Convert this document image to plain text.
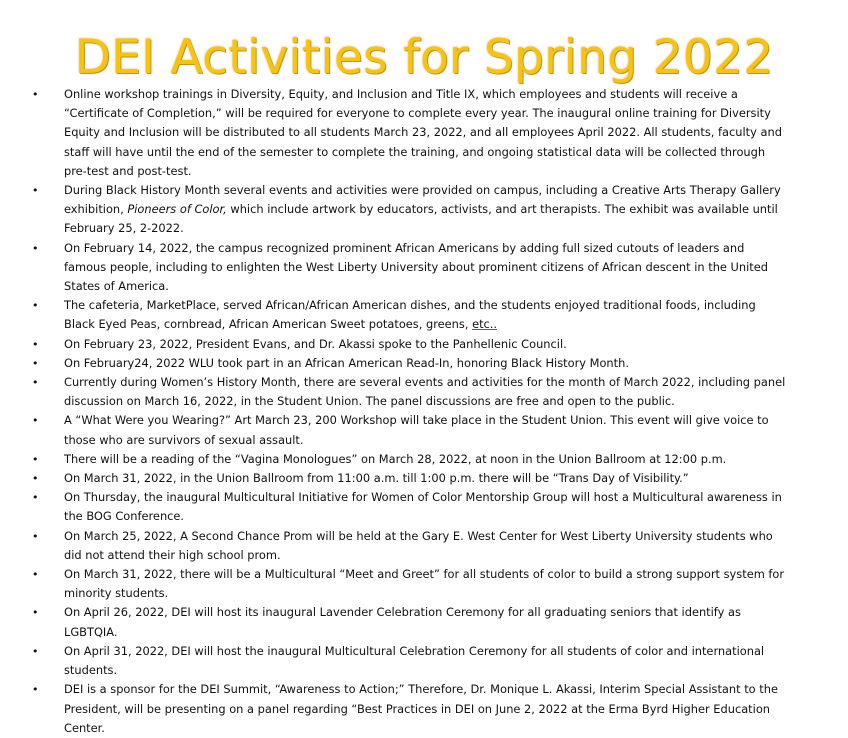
DEI Activities for Spring 2022
• Online workshop trainings in Diversity, Equity, and Inclusion and Title IX, which employees and students will receive a “Certificate of Completion,” will be required for everyone to complete every year. The inaugural online training for Diversity Equity and Inclusion will be distributed to all students March 23, 2022, and all employees April 2022. All students, faculty and staff will have until the end of the semester to complete the training, and ongoing statistical data will be collected through pre-test and post-test.
• During Black History Month several events and activities were provided on campus, including a Creative Arts Therapy Gallery exhibition, Pioneers of Color, which include artwork by educators, activists, and art therapists. The exhibit was available until February 25, 2-2022.
• On February 14, 2022, the campus recognized prominent African Americans by adding full sized cutouts of leaders and famous people, including to enlighten the West Liberty University about prominent citizens of African descent in the United States of America.
• The cafeteria, MarketPlace, served African/African American dishes, and the students enjoyed traditional foods, including Black Eyed Peas, cornbread, African American Sweet potatoes, greens, etc..
• On February 23, 2022, President Evans, and Dr. Akassi spoke to the Panhellenic Council.
• On February24, 2022 WLU took part in an African American Read-In, honoring Black History Month.
• Currently during Women’s History Month, there are several events and activities for the month of March 2022, including panel discussion on March 16, 2022, in the Student Union. The panel discussions are free and open to the public.
• A “What Were you Wearing?” Art March 23, 200 Workshop will take place in the Student Union. This event will give voice to those who are survivors of sexual assault.
• There will be a reading of the “Vagina Monologues” on March 28, 2022, at noon in the Union Ballroom at 12:00 p.m.
• On March 31, 2022, in the Union Ballroom from 11:00 a.m. till 1:00 p.m. there will be “Trans Day of Visibility.”
• On Thursday, the inaugural Multicultural Initiative for Women of Color Mentorship Group will host a Multicultural awareness in the BOG Conference.
• On March 25, 2022, A Second Chance Prom will be held at the Gary E. West Center for West Liberty University students who did not attend their high school prom.
• On March 31, 2022, there will be a Multicultural “Meet and Greet” for all students of color to build a strong support system for minority students.
• On April 26, 2022, DEI will host its inaugural Lavender Celebration Ceremony for all graduating seniors that identify as LGBTQIA.
• On April 31, 2022, DEI will host the inaugural Multicultural Celebration Ceremony for all students of color and international students.
• DEI is a sponsor for the DEI Summit, “Awareness to Action;” Therefore, Dr. Monique L. Akassi, Interim Special Assistant to the President, will be presenting on a panel regarding “Best Practices in DEI on June 2, 2022 at the Erma Byrd Higher Education Center.
